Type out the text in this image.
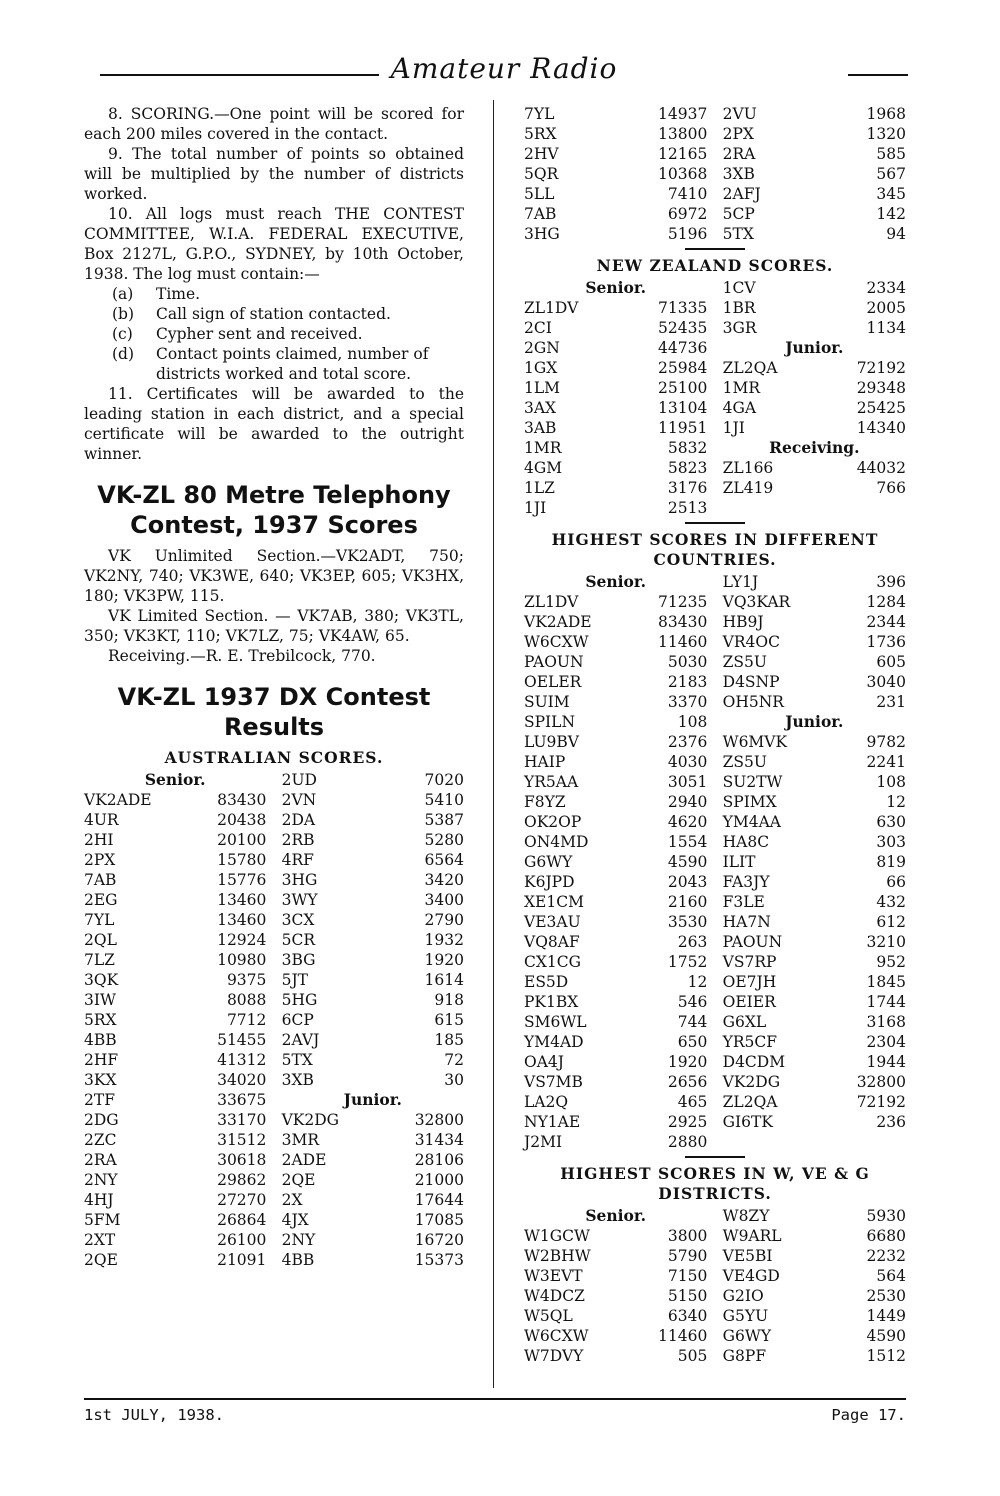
Amateur Radio

8. SCORING.—One point will be scored for each 200 miles covered in the contact.

9. The total number of points so obtained will be multiplied by the number of districts worked.

10. All logs must reach THE CONTEST COMMITTEE, W.I.A. FEDERAL EXECUTIVE, Box 2127L, G.P.O., SYDNEY, by 10th October, 1938. The log must contain:—

(a)	Time.
(b)	Call sign of station contacted.
(c)	Cypher sent and received.
(d)	Contact points claimed, number of districts worked and total score.

11. Certificates will be awarded to the leading station in each district, and a special certificate will be awarded to the outright winner.

VK-ZL 80 Metre Telephony Contest, 1937 Scores

VK Unlimited Section.—VK2ADT, 750; VK2NY, 740; VK3WE, 640; VK3EP, 605; VK3HX, 180; VK3PW, 115.

VK Limited Section. — VK7AB, 380; VK3TL, 350; VK3KT, 110; VK7LZ, 75; VK4AW, 65.

Receiving.—R. E. Trebilcock, 770.

VK-ZL 1937 DX Contest Results
AUSTRALIAN SCORES.
Senior.
VK2ADE	83430
4UR	20438
2HI	20100
2PX	15780
7AB	15776
2EG	13460
7YL	13460
2QL	12924
7LZ	10980
3QK	9375
3IW	8088
5RX	7712
4BB	51455
2HF	41312
3KX	34020
2TF	33675
2DG	33170
2ZC	31512
2RA	30618
2NY	29862
4HJ	27270
5FM	26864
2XT	26100
2QE	21091
2UD	7020
2VN	5410
2DA	5387
2RB	5280
4RF	6564
3HG	3420
3WY	3400
3CX	2790
5CR	1932
3BG	1920
5JT	1614
5HG	918
6CP	615
2AVJ	185
5TX	72
3XB	30
Junior.
VK2DG	32800
3MR	31434
2ADE	28106
2QE	21000
2X	17644
4JX	17085
2NY	16720
4BB	15373
7YL	14937
5RX	13800
2HV	12165
5QR	10368
5LL	7410
7AB	6972
3HG	5196
2VU	1968
2PX	1320
2RA	585
3XB	567
2AFJ	345
5CP	142
5TX	94
NEW ZEALAND SCORES.
Senior.
ZL1DV	71335
2CI	52435
2GN	44736
1GX	25984
1LM	25100
3AX	13104
3AB	11951
1MR	5832
4GM	5823
1LZ	3176
1JI	2513
1CV	2334
1BR	2005
3GR	1134
Junior.
ZL2QA	72192
1MR	29348
4GA	25425
1JI	14340
Receiving.
ZL166	44032
ZL419	766
HIGHEST SCORES IN DIFFERENT COUNTRIES.
Senior.
ZL1DV	71235
VK2ADE	83430
W6CXW	11460
PAOUN	5030
OELER	2183
SUIM	3370
SPILN	108
LU9BV	2376
HAIP	4030
YR5AA	3051
F8YZ	2940
OK2OP	4620
ON4MD	1554
G6WY	4590
K6JPD	2043
XE1CM	2160
VE3AU	3530
VQ8AF	263
CX1CG	1752
ES5D	12
PK1BX	546
SM6WL	744
YM4AD	650
OA4J	1920
VS7MB	2656
LA2Q	465
NY1AE	2925
J2MI	2880
LY1J	396
VQ3KAR	1284
HB9J	2344
VR4OC	1736
ZS5U	605
D4SNP	3040
OH5NR	231
Junior.
W6MVK	9782
ZS5U	2241
SU2TW	108
SPIMX	12
YM4AA	630
HA8C	303
ILIT	819
FA3JY	66
F3LE	432
HA7N	612
PAOUN	3210
VS7RP	952
OE7JH	1845
OEIER	1744
G6XL	3168
YR5CF	2304
D4CDM	1944
VK2DG	32800
ZL2QA	72192
GI6TK	236
HIGHEST SCORES IN W, VE & G DISTRICTS.
Senior.
W1GCW	3800
W2BHW	5790
W3EVT	7150
W4DCZ	5150
W5QL	6340
W6CXW	11460
W7DVY	505
W8ZY	5930
W9ARL	6680
VE5BI	2232
VE4GD	564
G2IO	2530
G5YU	1449
G6WY	4590
G8PF	1512
1st JULY, 1938.	Page 17.
